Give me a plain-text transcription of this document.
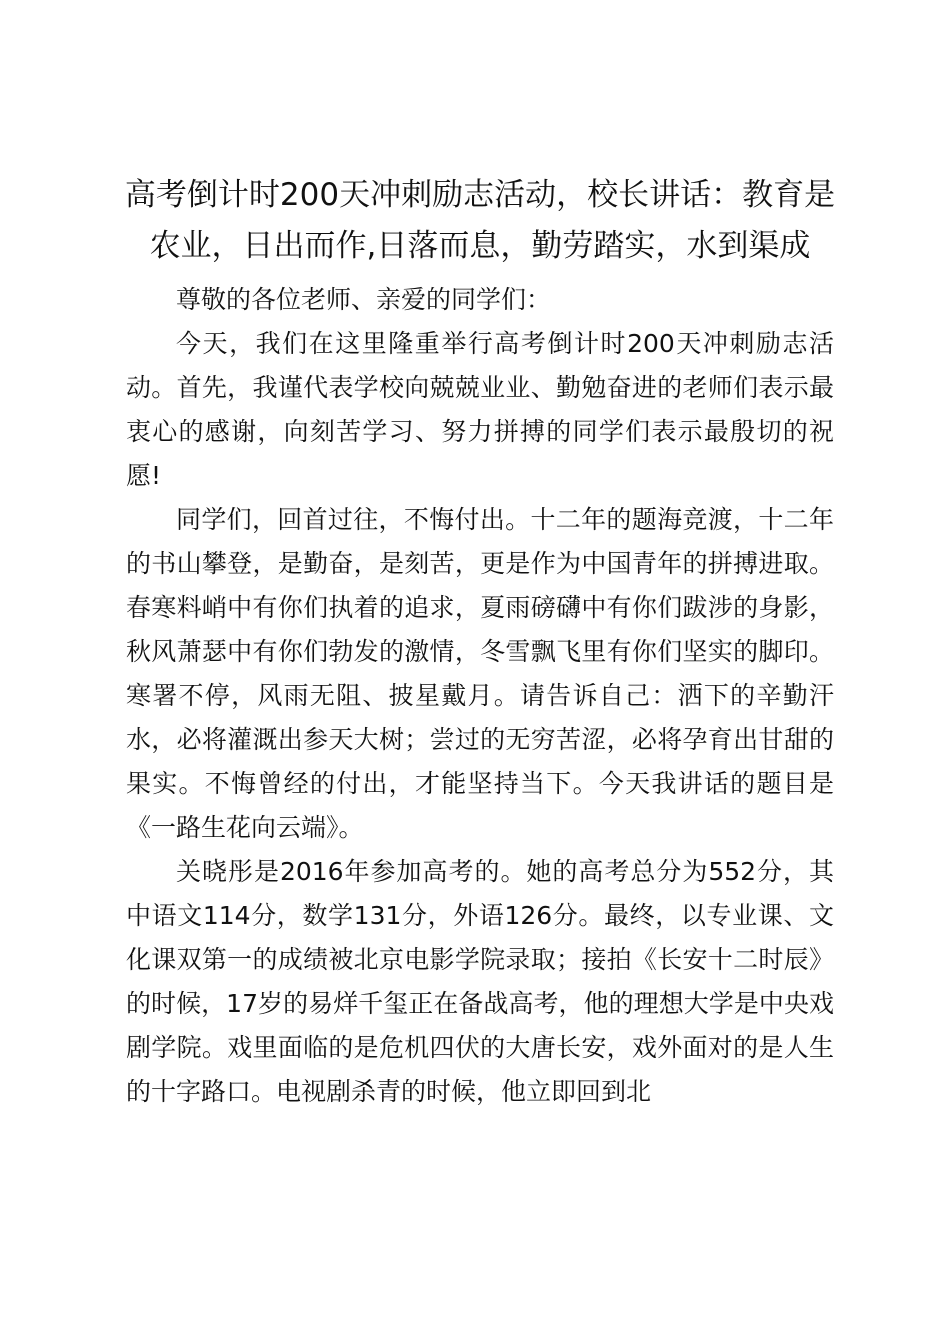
高考倒计时200天冲刺励志活动，校长讲话：教育是农业，日出而作,日落而息，勤劳踏实，水到渠成

尊敬的各位老师、亲爱的同学们：

今天，我们在这里隆重举行高考倒计时200天冲刺励志活动。首先，我谨代表学校向兢兢业业、勤勉奋进的老师们表示最衷心的感谢，向刻苦学习、努力拼搏的同学们表示最殷切的祝愿!

同学们，回首过往，不悔付出。十二年的题海竞渡，十二年的书山攀登，是勤奋，是刻苦，更是作为中国青年的拼搏进取。春寒料峭中有你们执着的追求，夏雨磅礴中有你们跋涉的身影，秋风萧瑟中有你们勃发的激情，冬雪飘飞里有你们坚实的脚印。寒署不停，风雨无阻、披星戴月。请告诉自己：洒下的辛勤汗水，必将灌溉出参天大树；尝过的无穷苦涩，必将孕育出甘甜的果实。不悔曾经的付出，才能坚持当下。今天我讲话的题目是《一路生花向云端》。

关晓彤是2016年参加高考的。她的高考总分为552分，其中语文114分，数学131分，外语126分。最终，以专业课、文化课双第一的成绩被北京电影学院录取；接拍《长安十二时辰》的时候，17岁的易烊千玺正在备战高考，他的理想大学是中央戏剧学院。戏里面临的是危机四伏的大唐长安，戏外面对的是人生的十字路口。电视剧杀青的时候，他立即回到北
